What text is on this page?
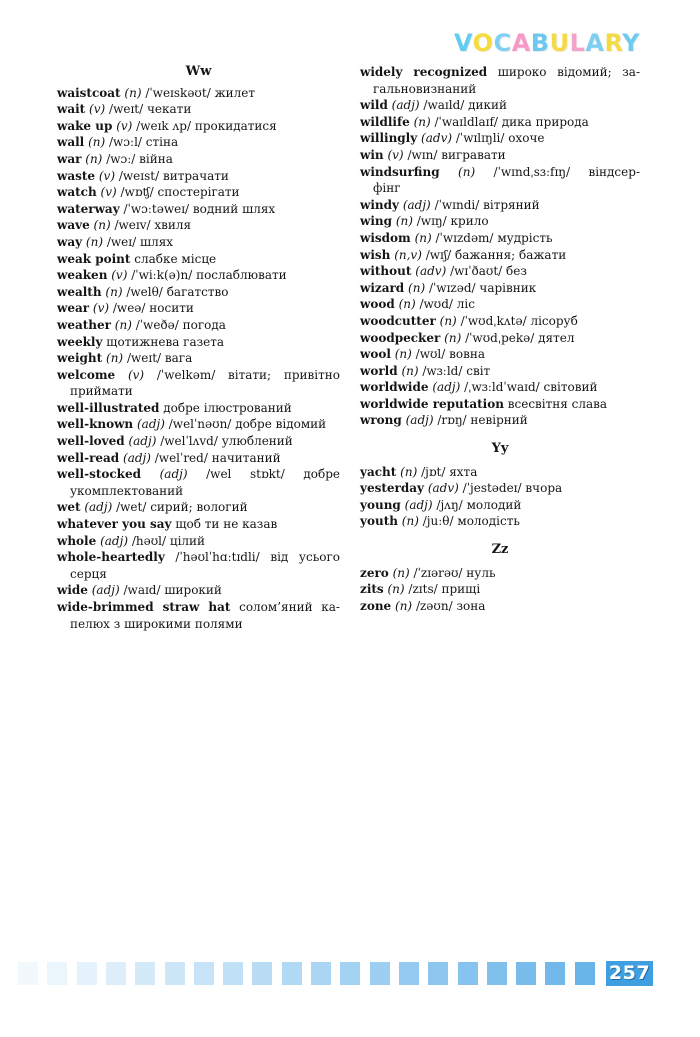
VOCABULARY
Ww
waistcoat (n) /ˈweɪskəʊt/ жилет
wait (v) /weɪt/ чекати
wake up (v) /weɪk ʌp/ прокидатися
wall (n) /wɔːl/ стіна
war (n) /wɔː/ війна
waste (v) /weɪst/ витрачати
watch (v) /wɒʧ/ спостерігати
waterway /ˈwɔːtəweɪ/ водний шлях
wave (n) /weɪv/ хвиля
way (n) /weɪ/ шлях
weak point слабке місце
weaken (v) /ˈwiːk(ə)n/ послаблювати
wealth (n) /welθ/ багатство
wear (v) /weə/ носити
weather (n) /ˈweðə/ погода
weekly щотижнева газета
weight (n) /weɪt/ вага
welcome (v) /ˈwelkəm/ вітати; привітно
приймати
well-illustrated добре ілюстрований
well-known (adj) /welˈnəʊn/ добре відомий
well-loved (adj) /welˈlʌvd/ улюблений
well-read (adj) /welˈred/ начитаний
well-stocked (adj) /wel stɒkt/ добре
укомплектований
wet (adj) /wet/ сирий; вологий
whatever you say щоб ти не казав
whole (adj) /həʊl/ цілий
whole-heartedly /ˈhəʊlˈhɑːtɪdli/ від усього
серця
wide (adj) /waɪd/ широкий
wide-brimmed straw hat солом’яний ка-
пелюх з широкими полями
widely recognized широко відомий; за-
гальновизнаний
wild (adj) /waɪld/ дикий
wildlife (n) /ˈwaɪldlaɪf/ дика природа
willingly (adv) /ˈwɪlɪŋli/ охоче
win (v) /wɪn/ вигравати
windsurfing (n) /ˈwɪndˌsɜːfɪŋ/ віндсер-
фінг
windy (adj) /ˈwɪndi/ вітряний
wing (n) /wɪŋ/ крило
wisdom (n) /ˈwɪzdəm/ мудрість
wish (n,v) /wɪʃ/ бажання; бажати
without (adv) /wɪˈðaʊt/ без
wizard (n) /ˈwɪzəd/ чарівник
wood (n) /wʊd/ ліс
woodcutter (n) /ˈwʊdˌkʌtə/ лісоруб
woodpecker (n) /ˈwʊdˌpekə/ дятел
wool (n) /wʊl/ вовна
world (n) /wɜːld/ світ
worldwide (adj) /ˌwɜːldˈwaɪd/ світовий
worldwide reputation всесвітня слава
wrong (adj) /rɒŋ/ невірний
Yy
yacht (n) /jɒt/ яхта
yesterday (adv) /ˈjestədeɪ/ вчора
young (adj) /jʌŋ/ молодий
youth (n) /juːθ/ молодість
Zz
zero (n) /ˈzɪərəʊ/ нуль
zits (n) /zɪts/ прищі
zone (n) /zəʊn/ зона
257
